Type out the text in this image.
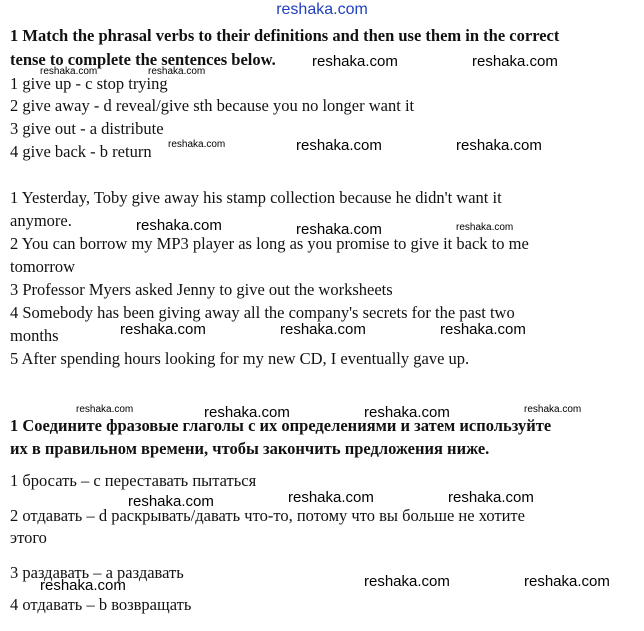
reshaka.com
1 Match the phrasal verbs to their definitions and then use them in the correct
tense to complete the sentences below.
1 give up - c stop trying
2 give away - d reveal/give sth because you no longer want it
3 give out - a distribute
4 give back - b return
1 Yesterday, Toby give away his stamp collection because he didn't want it
anymore.
2 You can borrow my MP3 player as long as you promise to give it back to me
tomorrow
3 Professor Myers asked Jenny to give out the worksheets
4 Somebody has been giving away all the company's secrets for the past two
months
5 After spending hours looking for my new CD, I eventually gave up.
1 Соедините фразовые глаголы с их определениями и затем используйте
их в правильном времени, чтобы закончить предложения ниже.
1 бросать – с переставать пытаться
2 отдавать – d раскрывать/давать что-то, потому что вы больше не хотите
этого
3 раздавать – а раздавать
4 отдавать – b возвращать
reshaka.com	reshaka.com
reshaka.com	reshaka.com
reshaka.com	reshaka.com	reshaka.com
reshaka.com	reshaka.com	reshaka.com
reshaka.com	reshaka.com	reshaka.com
reshaka.com	reshaka.com	reshaka.com	reshaka.com
reshaka.com	reshaka.com	reshaka.com
reshaka.com	reshaka.com	reshaka.com
